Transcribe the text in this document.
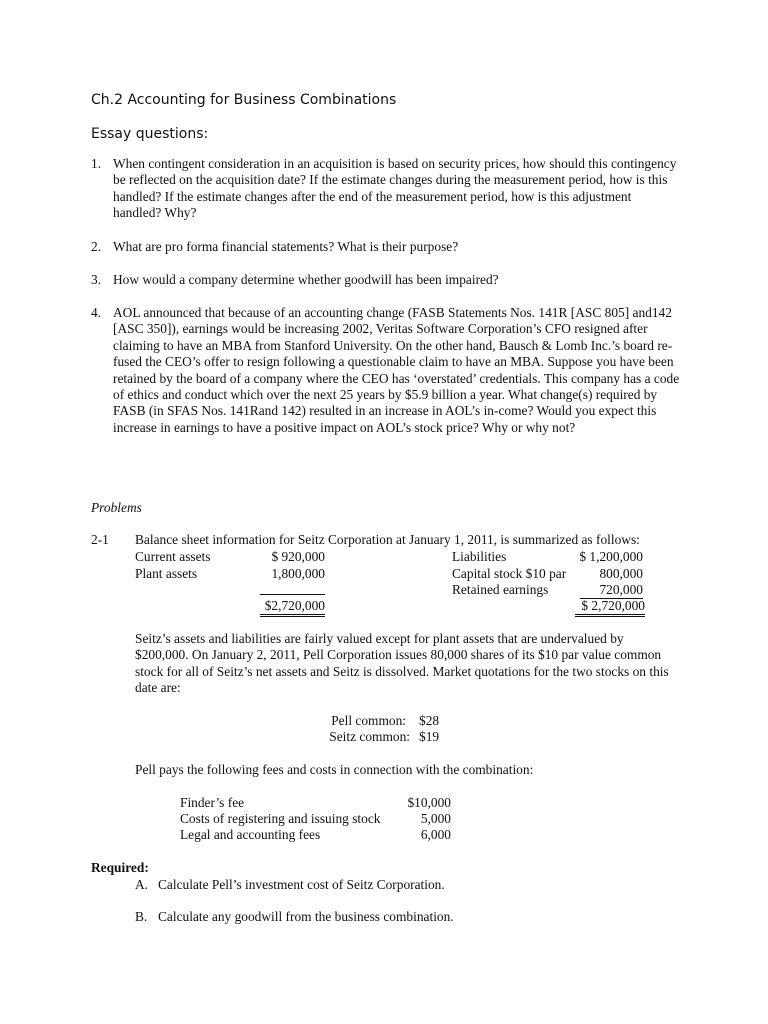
Ch.2 Accounting for Business Combinations
Essay questions:
1. When contingent consideration in an acquisition is based on security prices, how should this contingency be reflected on the acquisition date? If the estimate changes during the measurement period, how is this handled? If the estimate changes after the end of the measurement period, how is this adjustment handled? Why?
2. What are pro forma financial statements? What is their purpose?
3. How would a company determine whether goodwill has been impaired?
4. AOL announced that because of an accounting change (FASB Statements Nos. 141R [ASC 805] and142 [ASC 350]), earnings would be increasing 2002, Veritas Software Corporation’s CFO resigned after claiming to have an MBA from Stanford University. On the other hand, Bausch & Lomb Inc.’s board re-fused the CEO’s offer to resign following a questionable claim to have an MBA. Suppose you have been retained by the board of a company where the CEO has ‘overstated’ credentials. This company has a code of ethics and conduct which over the next 25 years by $5.9 billion a year. What change(s) required by FASB (in SFAS Nos. 141Rand 142) resulted in an increase in AOL’s in-come? Would you expect this increase in earnings to have a positive impact on AOL’s stock price? Why or why not?
Problems
2-1 Balance sheet information for Seitz Corporation at January 1, 2011, is summarized as follows:
Current assets	$ 920,000
Plant assets	1,800,000
$2,720,000
Liabilities	$ 1,200,000
Capital stock $10 par	800,000
Retained earnings	720,000
$ 2,720,000
Seitz’s assets and liabilities are fairly valued except for plant assets that are undervalued by $200,000. On January 2, 2011, Pell Corporation issues 80,000 shares of its $10 par value common stock for all of Seitz’s net assets and Seitz is dissolved. Market quotations for the two stocks on this date are:
Pell common: $28
Seitz common: $19
Pell pays the following fees and costs in connection with the combination:
Finder’s fee	$10,000
Costs of registering and issuing stock	5,000
Legal and accounting fees	6,000
Required:
A. Calculate Pell’s investment cost of Seitz Corporation.
B. Calculate any goodwill from the business combination.
